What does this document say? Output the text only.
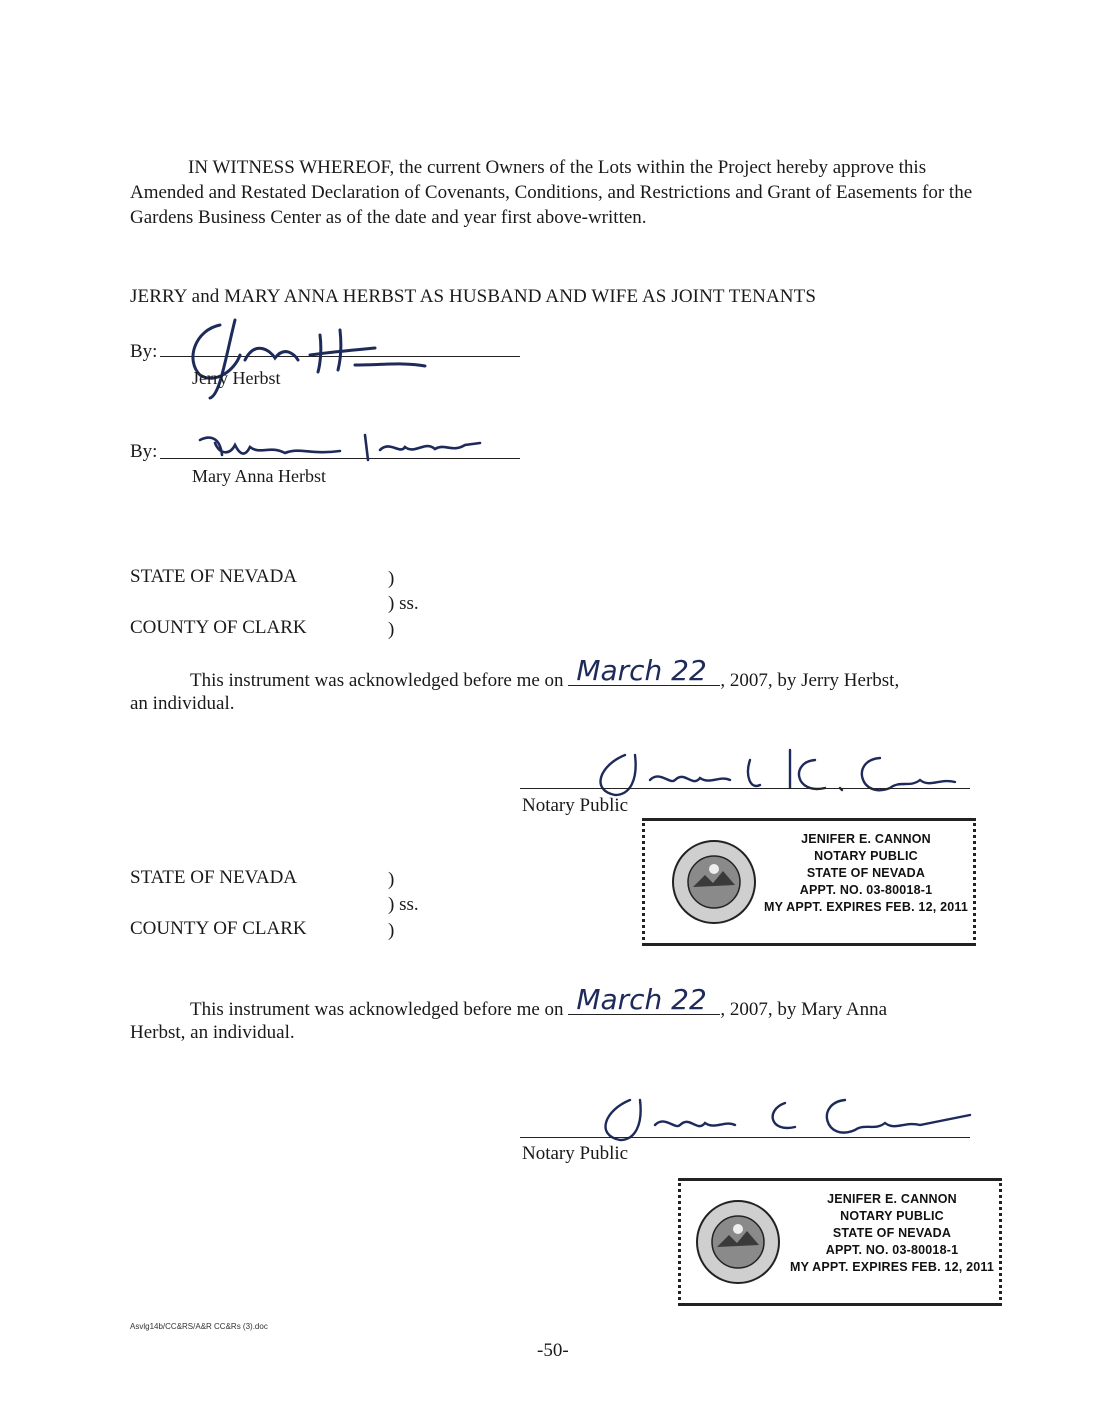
IN WITNESS WHEREOF, the current Owners of the Lots within the Project hereby approve this Amended and Restated Declaration of Covenants, Conditions, and Restrictions and Grant of Easements for the Gardens Business Center as of the date and year first above-written.
JERRY and MARY ANNA HERBST AS HUSBAND AND WIFE AS JOINT TENANTS
By:
Jerry Herbst
By:
Mary Anna Herbst
STATE OF NEVADA	)
) ss.
COUNTY OF CLARK	)
This instrument was acknowledged before me on March 22 , 2007, by Jerry Herbst,
an individual.
Notary Public
JENIFER E. CANNON
NOTARY PUBLIC
STATE OF NEVADA
APPT. NO. 03-80018-1
MY APPT. EXPIRES FEB. 12, 2011
STATE OF NEVADA	)
) ss.
COUNTY OF CLARK	)
This instrument was acknowledged before me on March 22 , 2007, by Mary Anna
Herbst, an individual.
Notary Public
JENIFER E. CANNON
NOTARY PUBLIC
STATE OF NEVADA
APPT. NO. 03-80018-1
MY APPT. EXPIRES FEB. 12, 2011
Asvlg14b/CC&RS/A&R CC&Rs (3).doc
-50-
